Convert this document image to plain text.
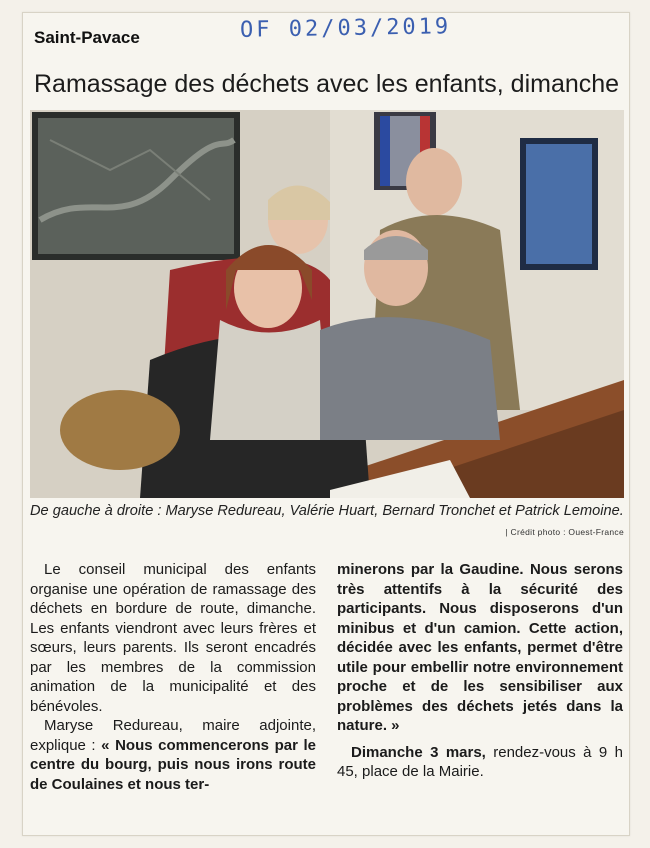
OF 02/03/2019
Saint-Pavace
Ramassage des déchets avec les enfants, dimanche
De gauche à droite : Maryse Redureau, Valérie Huart, Bernard Tronchet et Patrick Lemoine.
| Crédit photo : Ouest-France

Le conseil municipal des enfants organise une opération de ramassage des déchets en bordure de route, dimanche. Les enfants viendront avec leurs frères et sœurs, leurs parents. Ils seront encadrés par les membres de la commission animation de la municipalité et des bénévoles.

Maryse Redureau, maire adjointe, explique : « Nous commencerons par le centre du bourg, puis nous irons route de Coulaines et nous ter-

minerons par la Gaudine. Nous serons très attentifs à la sécurité des participants. Nous disposerons d'un minibus et d'un camion. Cette action, décidée avec les enfants, permet d'être utile pour embellir notre environnement proche et de les sensibiliser aux problèmes des déchets jetés dans la nature. »

Dimanche 3 mars, rendez-vous à 9 h 45, place de la Mairie.
